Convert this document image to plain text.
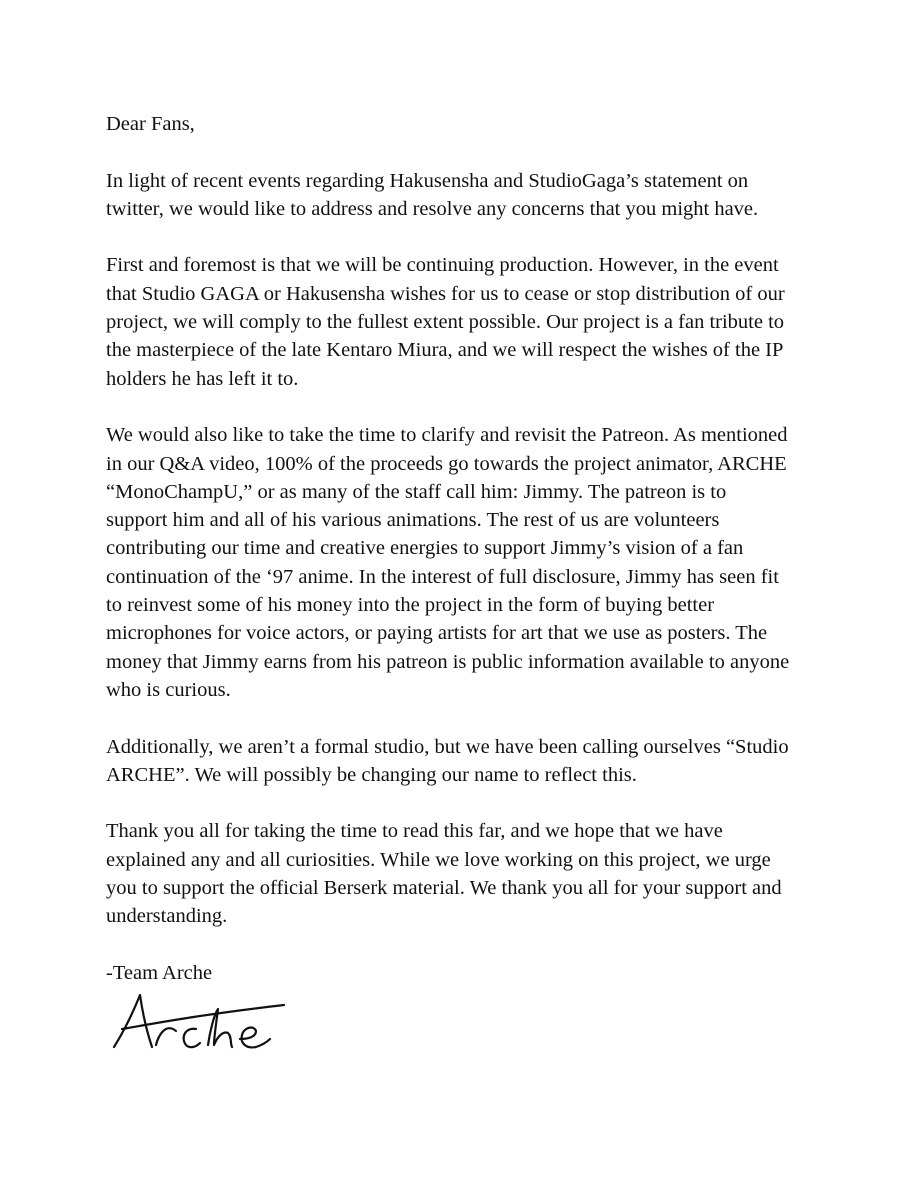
Dear Fans,

In light of recent events regarding Hakusensha and StudioGaga’s statement on
twitter, we would like to address and resolve any concerns that you might have.

First and foremost is that we will be continuing production. However, in the event
that Studio GAGA or Hakusensha wishes for us to cease or stop distribution of our
project, we will comply to the fullest extent possible. Our project is a fan tribute to
the masterpiece of the late Kentaro Miura, and we will respect the wishes of the IP
holders he has left it to.

We would also like to take the time to clarify and revisit the Patreon. As mentioned
in our Q&A video, 100% of the proceeds go towards the project animator, ARCHE
“MonoChampU,” or as many of the staff call him: Jimmy. The patreon is to
support him and all of his various animations. The rest of us are volunteers
contributing our time and creative energies to support Jimmy’s vision of a fan
continuation of the ‘97 anime. In the interest of full disclosure, Jimmy has seen fit
to reinvest some of his money into the project in the form of buying better
microphones for voice actors, or paying artists for art that we use as posters. The
money that Jimmy earns from his patreon is public information available to anyone
who is curious.

Additionally, we aren’t a formal studio, but we have been calling ourselves “Studio
ARCHE”. We will possibly be changing our name to reflect this.

Thank you all for taking the time to read this far, and we hope that we have
explained any and all curiosities. While we love working on this project, we urge
you to support the official Berserk material. We thank you all for your support and
understanding.

-Team Arche
